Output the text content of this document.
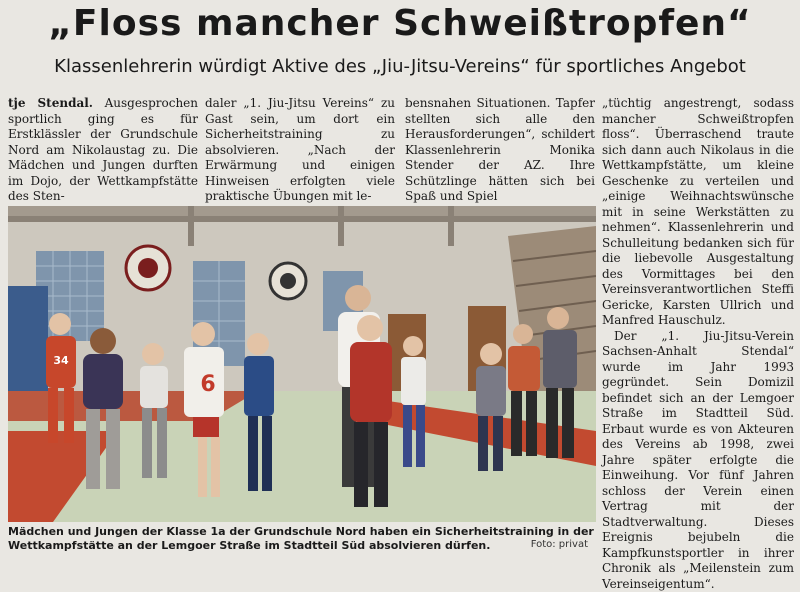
„Floss mancher Schweißtropfen“
Klassenlehrerin würdigt Aktive des „Jiu-Jitsu-Vereins“ für sportliches Angebot

tje Stendal. Ausgesprochen sportlich ging es für Erstklässler der Grundschule Nord am Nikolaustag zu. Die Mädchen und Jungen durften im Dojo, der Wettkampfstätte des Sten-

daler „1. Jiu-Jitsu Vereins“ zu Gast sein, um dort ein Sicherheitstraining zu absolvieren. „Nach der Erwärmung und einigen Hinweisen erfolgten viele praktische Übungen mit le-

bensnahen Situationen. Tapfer stellten sich alle den Herausforderungen“, schildert Klassenlehrerin Monika Stender der AZ. Ihre Schützlinge hätten sich bei Spaß und Spiel

„tüchtig angestrengt, sodass mancher Schweißtropfen floss“. Überraschend traute sich dann auch Nikolaus in die Wettkampfstätte, um kleine Geschenke zu verteilen und „einige Weihnachtswünsche mit in seine Werkstätten zu nehmen“. Klassenlehrerin und Schulleitung bedanken sich für die liebevolle Ausgestaltung des Vormittages bei den Vereinsverantwortlichen Steffi Gericke, Karsten Ullrich und Manfred Hauschulz.

Der „1. Jiu-Jitsu-Verein Sachsen-Anhalt Stendal“ wurde im Jahr 1993 gegründet. Sein Domizil befindet sich an der Lemgoer Straße im Stadtteil Süd. Erbaut wurde es von Akteuren des Vereins ab 1998, zwei Jahre später erfolgte die Einweihung. Vor fünf Jahren schloss der Verein einen Vertrag mit der Stadtverwaltung. Dieses Ereignis bejubeln die Kampfkunstsportler in ihrer Chronik als „Meilenstein zum Vereinseigentum“.

34
6
Mädchen und Jungen der Klasse 1a der Grundschule Nord haben ein Sicherheitstraining in der Wettkampfstätte an der Lemgoer Straße im Stadtteil Süd absolvieren dürfen.	Foto: privat
